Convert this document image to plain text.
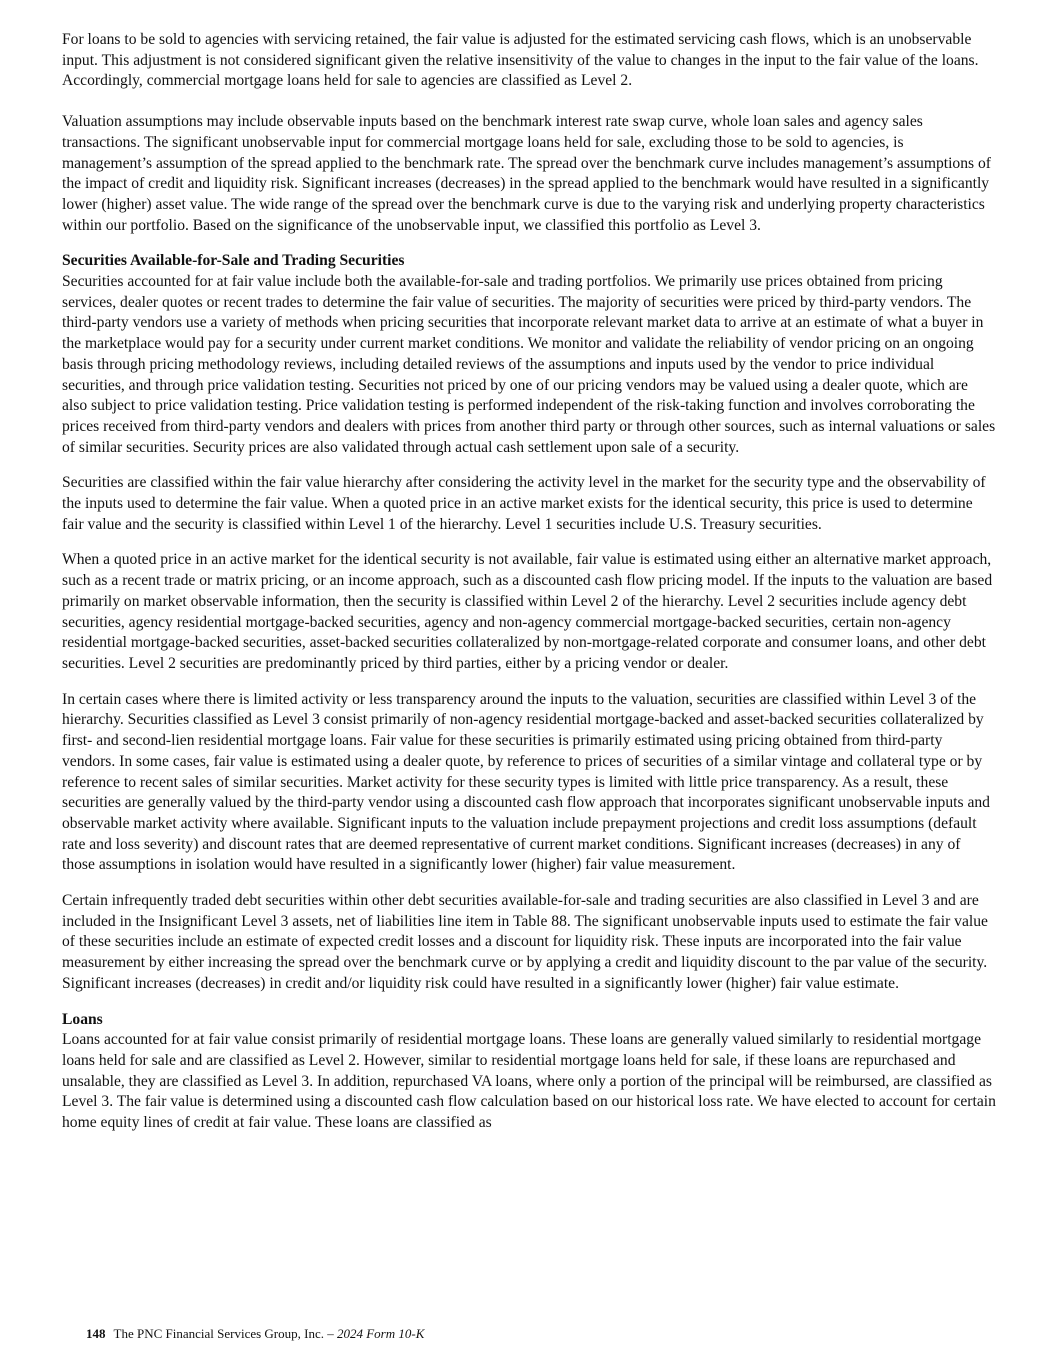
For loans to be sold to agencies with servicing retained, the fair value is adjusted for the estimated servicing cash flows, which is an unobservable input. This adjustment is not considered significant given the relative insensitivity of the value to changes in the input to the fair value of the loans. Accordingly, commercial mortgage loans held for sale to agencies are classified as Level 2.

Valuation assumptions may include observable inputs based on the benchmark interest rate swap curve, whole loan sales and agency sales transactions. The significant unobservable input for commercial mortgage loans held for sale, excluding those to be sold to agencies, is management’s assumption of the spread applied to the benchmark rate. The spread over the benchmark curve includes management’s assumptions of the impact of credit and liquidity risk. Significant increases (decreases) in the spread applied to the benchmark would have resulted in a significantly lower (higher) asset value. The wide range of the spread over the benchmark curve is due to the varying risk and underlying property characteristics within our portfolio. Based on the significance of the unobservable input, we classified this portfolio as Level 3.

Securities Available-for-Sale and Trading Securities

Securities accounted for at fair value include both the available-for-sale and trading portfolios. We primarily use prices obtained from pricing services, dealer quotes or recent trades to determine the fair value of securities. The majority of securities were priced by third-party vendors. The third-party vendors use a variety of methods when pricing securities that incorporate relevant market data to arrive at an estimate of what a buyer in the marketplace would pay for a security under current market conditions. We monitor and validate the reliability of vendor pricing on an ongoing basis through pricing methodology reviews, including detailed reviews of the assumptions and inputs used by the vendor to price individual securities, and through price validation testing. Securities not priced by one of our pricing vendors may be valued using a dealer quote, which are also subject to price validation testing. Price validation testing is performed independent of the risk-taking function and involves corroborating the prices received from third-party vendors and dealers with prices from another third party or through other sources, such as internal valuations or sales of similar securities. Security prices are also validated through actual cash settlement upon sale of a security.

Securities are classified within the fair value hierarchy after considering the activity level in the market for the security type and the observability of the inputs used to determine the fair value. When a quoted price in an active market exists for the identical security, this price is used to determine fair value and the security is classified within Level 1 of the hierarchy. Level 1 securities include U.S. Treasury securities.

When a quoted price in an active market for the identical security is not available, fair value is estimated using either an alternative market approach, such as a recent trade or matrix pricing, or an income approach, such as a discounted cash flow pricing model. If the inputs to the valuation are based primarily on market observable information, then the security is classified within Level 2 of the hierarchy. Level 2 securities include agency debt securities, agency residential mortgage-backed securities, agency and non-agency commercial mortgage-backed securities, certain non-agency residential mortgage-backed securities, asset-backed securities collateralized by non-mortgage-related corporate and consumer loans, and other debt securities. Level 2 securities are predominantly priced by third parties, either by a pricing vendor or dealer.

In certain cases where there is limited activity or less transparency around the inputs to the valuation, securities are classified within Level 3 of the hierarchy. Securities classified as Level 3 consist primarily of non-agency residential mortgage-backed and asset-backed securities collateralized by first- and second-lien residential mortgage loans. Fair value for these securities is primarily estimated using pricing obtained from third-party vendors. In some cases, fair value is estimated using a dealer quote, by reference to prices of securities of a similar vintage and collateral type or by reference to recent sales of similar securities. Market activity for these security types is limited with little price transparency. As a result, these securities are generally valued by the third-party vendor using a discounted cash flow approach that incorporates significant unobservable inputs and observable market activity where available. Significant inputs to the valuation include prepayment projections and credit loss assumptions (default rate and loss severity) and discount rates that are deemed representative of current market conditions. Significant increases (decreases) in any of those assumptions in isolation would have resulted in a significantly lower (higher) fair value measurement.

Certain infrequently traded debt securities within other debt securities available-for-sale and trading securities are also classified in Level 3 and are included in the Insignificant Level 3 assets, net of liabilities line item in Table 88. The significant unobservable inputs used to estimate the fair value of these securities include an estimate of expected credit losses and a discount for liquidity risk. These inputs are incorporated into the fair value measurement by either increasing the spread over the benchmark curve or by applying a credit and liquidity discount to the par value of the security. Significant increases (decreases) in credit and/or liquidity risk could have resulted in a significantly lower (higher) fair value estimate.

Loans

Loans accounted for at fair value consist primarily of residential mortgage loans. These loans are generally valued similarly to residential mortgage loans held for sale and are classified as Level 2. However, similar to residential mortgage loans held for sale, if these loans are repurchased and unsalable, they are classified as Level 3. In addition, repurchased VA loans, where only a portion of the principal will be reimbursed, are classified as Level 3. The fair value is determined using a discounted cash flow calculation based on our historical loss rate. We have elected to account for certain home equity lines of credit at fair value. These loans are classified as

148 The PNC Financial Services Group, Inc. – 2024 Form 10-K
